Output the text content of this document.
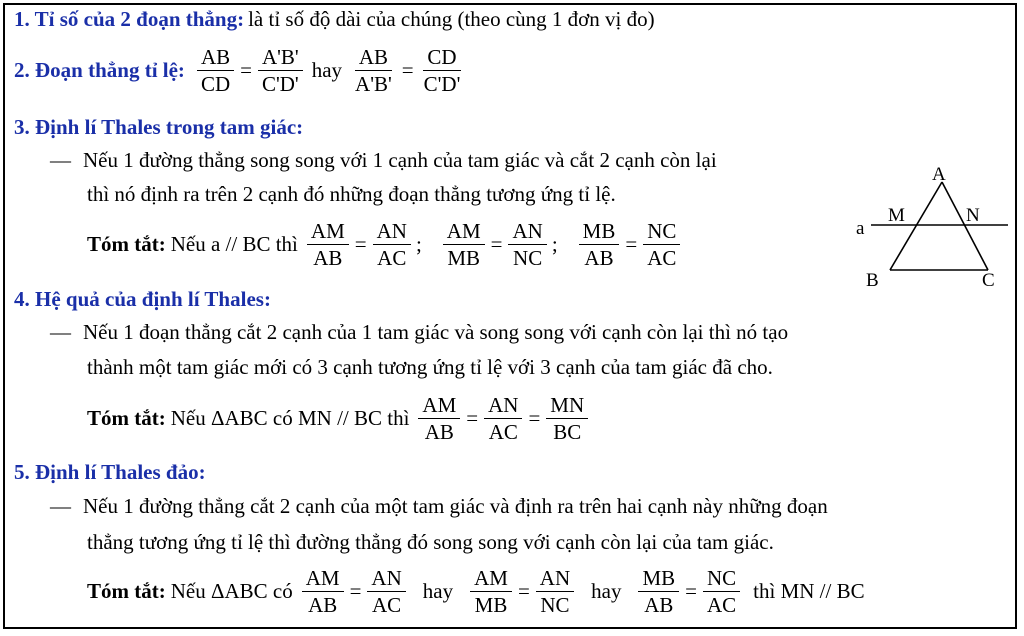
1. Tỉ số của 2 đoạn thẳng: là tỉ số độ dài của chúng (theo cùng 1 đơn vị đo)
2. Đoạn thẳng tỉ lệ: $\frac{AB}{CD} = \frac{A'B'}{C'D'}$ hay $\frac{AB}{A'B'} = \frac{CD}{C'D'}$
3. Định lí Thales trong tam giác:
— Nếu 1 đường thẳng song song với 1 cạnh của tam giác và cắt 2 cạnh còn lại
thì nó định ra trên 2 cạnh đó những đoạn thẳng tương ứng tỉ lệ.
Tóm tắt: Nếu a // BC thì $\frac{AM}{AB} = \frac{AN}{AC}$ ; $\frac{AM}{MB} = \frac{AN}{NC}$ ; $\frac{MB}{AB} = \frac{NC}{AC}$
A
B	C
M	N
a
4. Hệ quả của định lí Thales:
— Nếu 1 đoạn thẳng cắt 2 cạnh của 1 tam giác và song song với cạnh còn lại thì nó tạo
thành một tam giác mới có 3 cạnh tương ứng tỉ lệ với 3 cạnh của tam giác đã cho.
Tóm tắt: Nếu ΔABC có MN // BC thì $\frac{AM}{AB} = \frac{AN}{AC} = \frac{MN}{BC}$
5. Định lí Thales đảo:
— Nếu 1 đường thẳng cắt 2 cạnh của một tam giác và định ra trên hai cạnh này những đoạn
thẳng tương ứng tỉ lệ thì đường thẳng đó song song với cạnh còn lại của tam giác.
Tóm tắt: Nếu ΔABC có $\frac{AM}{AB} = \frac{AN}{AC}$ hay $\frac{AM}{MB} = \frac{AN}{NC}$ hay $\frac{MB}{AB} = \frac{NC}{AC}$ thì MN // BC
